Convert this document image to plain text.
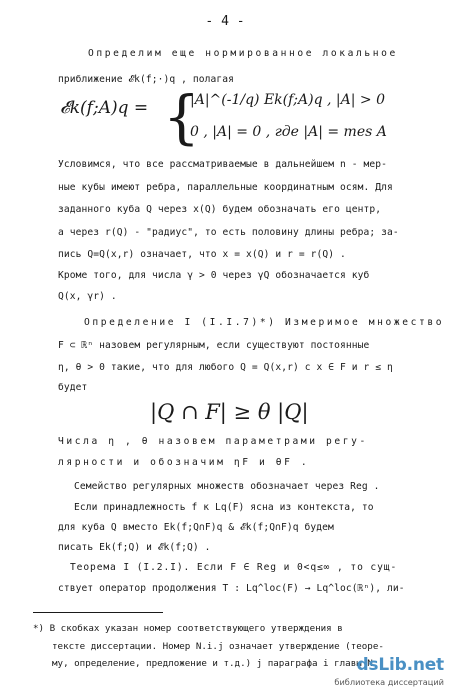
- 4 -
Определим еще нормированное локальное
приближение 𝓔k(f;·)q , полагая
𝓔k(f;A)q = {
|A|^(-1/q) Ek(f;A)q , |A| > 0
0 , |A| = 0 , где |A| = mes A
Условимся, что все рассматриваемые в дальнейшем n - мер-
ные кубы имеют ребра, параллельные координатным осям. Для
заданного куба Q через x(Q) будем обозначать его центр,
а через r(Q) - "радиус", то есть половину длины ребра; за-
пись Q=Q(x,r) означает, что x = x(Q) и r = r(Q) .
Кроме того, для числа γ > 0 через γQ обозначается куб
Q(x, γr) .
Определение I (I.I.7)*) Измеримое множество
F ⊂ ℝⁿ назовем регулярным, если существуют постоянные
η, θ > 0 такие, что для любого Q = Q(x,r) с x ∈ F и r ≤ η
будет
|Q ∩ F| ≥ θ |Q|
Числа η , θ назовем параметрами регу-
лярности и обозначим ηF и θF .
Семейство регулярных множеств обозначает через Reg .
Если принадлежность f к Lq(F) ясна из контекста, то
для куба Q вместо Ek(f;Q∩F)q & 𝓔k(f;Q∩F)q будем
писать Ek(f;Q) и 𝓔k(f;Q) .
Теорема I (I.2.I). Если F ∈ Reg и 0<q≤∞ , то сущ-
ствует оператор продолжения T : Lq^loc(F) → Lq^loc(ℝⁿ), ли-
*) В скобках указан номер соответствующего утверждения в
тексте диссертации. Номер N.i.j означает утверждение (теоре-
му, определение, предложение и т.д.) j параграфа i главы N
dsLib.net
библиотека диссертаций
